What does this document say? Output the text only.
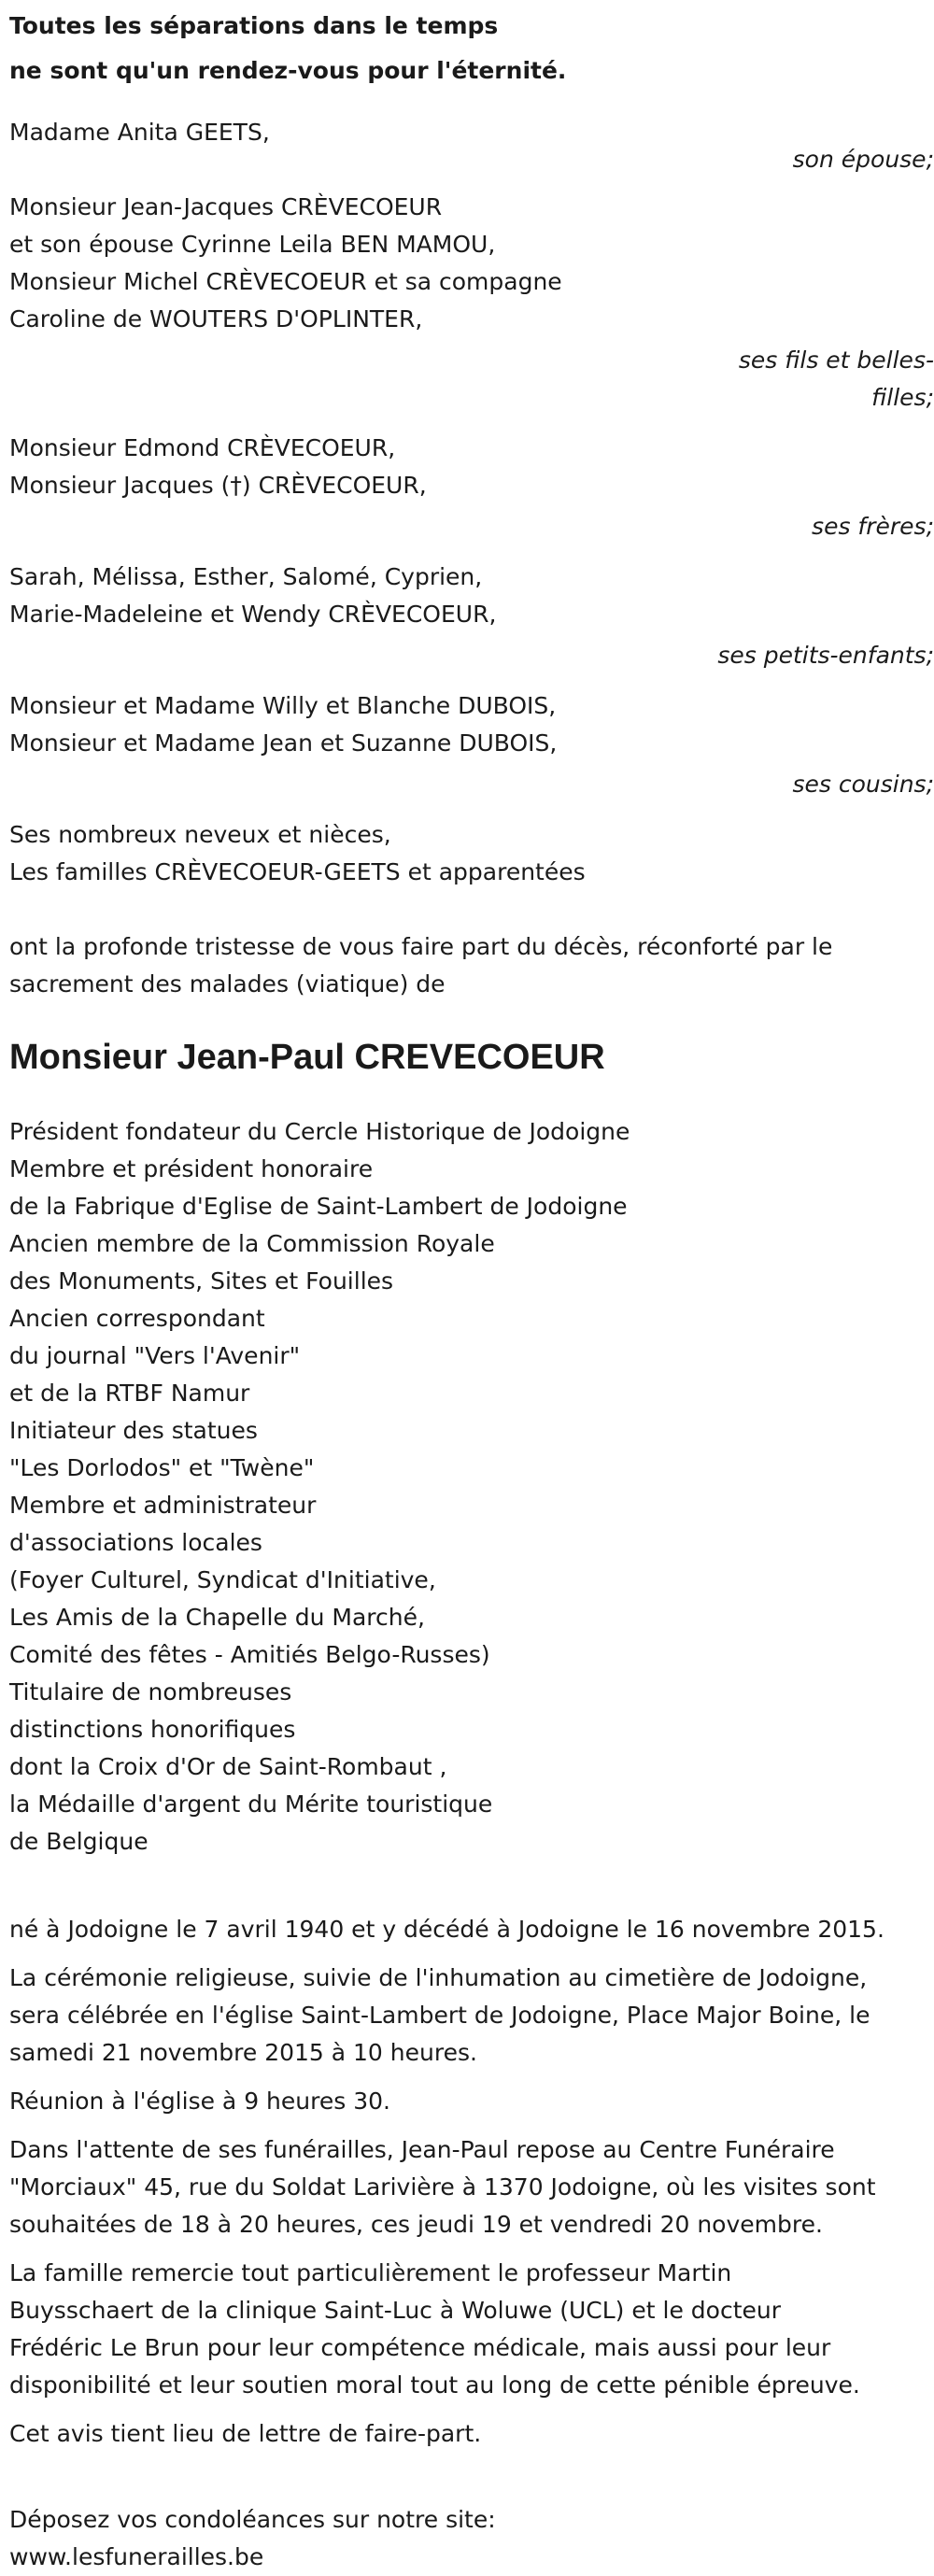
Toutes les séparations dans le temps
ne sont qu'un rendez-vous pour l'éternité.
Madame Anita GEETS,
son épouse;
Monsieur Jean-Jacques CRÈVECOEUR
et son épouse Cyrinne Leila BEN MAMOU,
Monsieur Michel CRÈVECOEUR et sa compagne
Caroline de WOUTERS D'OPLINTER,
ses fils et belles-
filles;
Monsieur Edmond CRÈVECOEUR,
Monsieur Jacques (†) CRÈVECOEUR,
ses frères;
Sarah, Mélissa, Esther, Salomé, Cyprien,
Marie-Madeleine et Wendy CRÈVECOEUR,
ses petits-enfants;
Monsieur et Madame Willy et Blanche DUBOIS,
Monsieur et Madame Jean et Suzanne DUBOIS,
ses cousins;
Ses nombreux neveux et nièces,
Les familles CRÈVECOEUR-GEETS et apparentées
ont la profonde tristesse de vous faire part du décès, réconforté par le
sacrement des malades (viatique) de
Monsieur Jean-Paul CREVECOEUR
Président fondateur du Cercle Historique de Jodoigne
Membre et président honoraire
de la Fabrique d'Eglise de Saint-Lambert de Jodoigne
Ancien membre de la Commission Royale
des Monuments, Sites et Fouilles
Ancien correspondant
du journal "Vers l'Avenir"
et de la RTBF Namur
Initiateur des statues
"Les Dorlodos" et "Twène"
Membre et administrateur
d'associations locales
(Foyer Culturel, Syndicat d'Initiative,
Les Amis de la Chapelle du Marché,
Comité des fêtes - Amitiés Belgo-Russes)
Titulaire de nombreuses
distinctions honorifiques
dont la Croix d'Or de Saint-Rombaut ,
la Médaille d'argent du Mérite touristique
de Belgique
né à Jodoigne le 7 avril 1940 et y décédé à Jodoigne le 16 novembre 2015.
La cérémonie religieuse, suivie de l'inhumation au cimetière de Jodoigne,
sera célébrée en l'église Saint-Lambert de Jodoigne, Place Major Boine, le
samedi 21 novembre 2015 à 10 heures.
Réunion à l'église à 9 heures 30.
Dans l'attente de ses funérailles, Jean-Paul repose au Centre Funéraire
"Morciaux" 45, rue du Soldat Larivière à 1370 Jodoigne, où les visites sont
souhaitées de 18 à 20 heures, ces jeudi 19 et vendredi 20 novembre.
La famille remercie tout particulièrement le professeur Martin
Buysschaert de la clinique Saint-Luc à Woluwe (UCL) et le docteur
Frédéric Le Brun pour leur compétence médicale, mais aussi pour leur
disponibilité et leur soutien moral tout au long de cette pénible épreuve.
Cet avis tient lieu de lettre de faire-part.
Déposez vos condoléances sur notre site:
www.lesfunerailles.be
